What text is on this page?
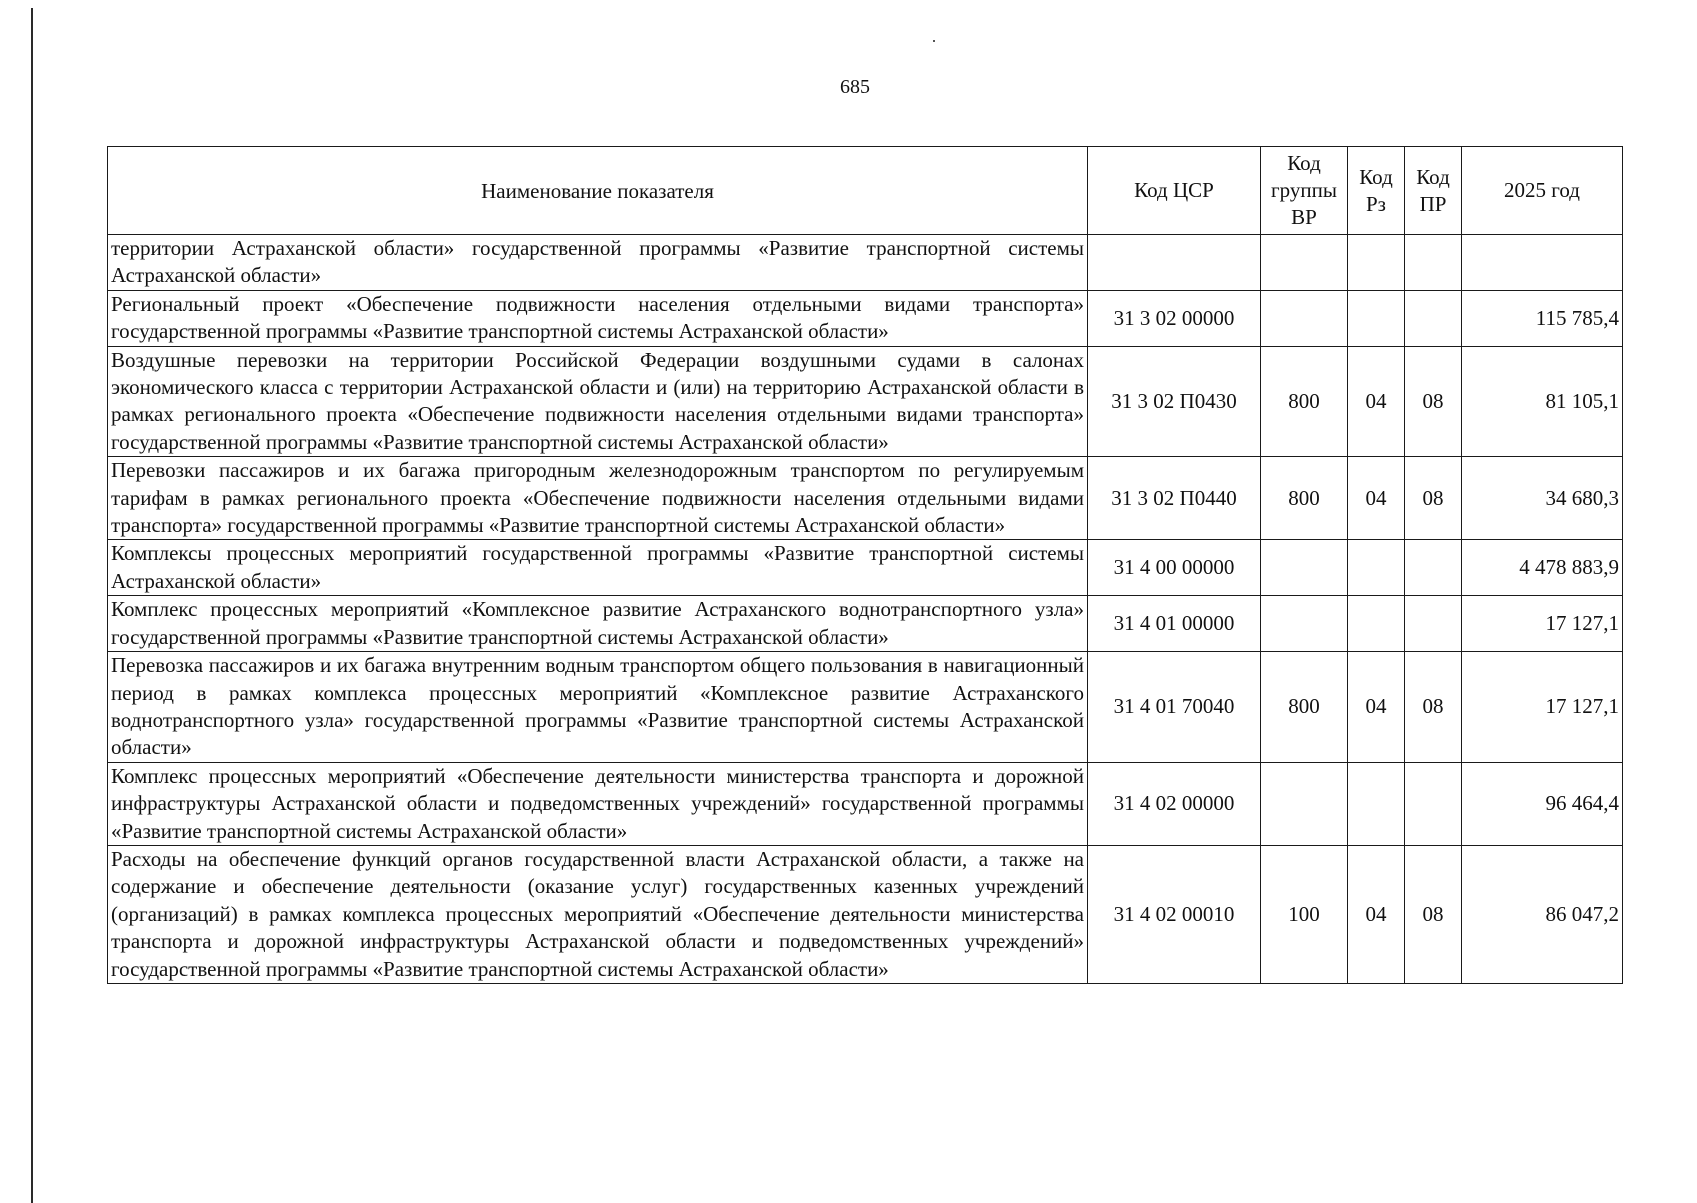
685
Наименование показателя	Код ЦСР	Код группы ВР	Код Рз	Код ПР	2025 год
территории Астраханской области» государственной программы «Развитие транспортной системы Астраханской области»					
Региональный проект «Обеспечение подвижности населения отдельными видами транспорта» государственной программы «Развитие транспортной системы Астраханской области»	31 3 02 00000				115 785,4
Воздушные перевозки на территории Российской Федерации воздушными судами в салонах экономического класса с территории Астраханской области и (или) на территорию Астраханской области в рамках регионального проекта «Обеспечение подвижности населения отдельными видами транспорта» государственной программы «Развитие транспортной системы Астраханской области»	31 3 02 П0430	800	04	08	81 105,1
Перевозки пассажиров и их багажа пригородным железнодорожным транспортом по регулируемым тарифам в рамках регионального проекта «Обеспечение подвижности населения отдельными видами транспорта» государственной программы «Развитие транспортной системы Астраханской области»	31 3 02 П0440	800	04	08	34 680,3
Комплексы процессных мероприятий государственной программы «Развитие транспортной системы Астраханской области»	31 4 00 00000				4 478 883,9
Комплекс процессных мероприятий «Комплексное развитие Астраханского воднотранспортного узла» государственной программы «Развитие транспортной системы Астраханской области»	31 4 01 00000				17 127,1
Перевозка пассажиров и их багажа внутренним водным транспортом общего пользования в навигационный период в рамках комплекса процессных мероприятий «Комплексное развитие Астраханского воднотранспортного узла» государственной программы «Развитие транспортной системы Астраханской области»	31 4 01 70040	800	04	08	17 127,1
Комплекс процессных мероприятий «Обеспечение деятельности министерства транспорта и дорожной инфраструктуры Астраханской области и подведомственных учреждений» государственной программы «Развитие транспортной системы Астраханской области»	31 4 02 00000				96 464,4
Расходы на обеспечение функций органов государственной власти Астраханской области, а также на содержание и обеспечение деятельности (оказание услуг) государственных казенных учреждений (организаций) в рамках комплекса процессных мероприятий «Обеспечение деятельности министерства транспорта и дорожной инфраструктуры Астраханской области и подведомственных учреждений» государственной программы «Развитие транспортной системы Астраханской области»	31 4 02 00010	100	04	08	86 047,2
